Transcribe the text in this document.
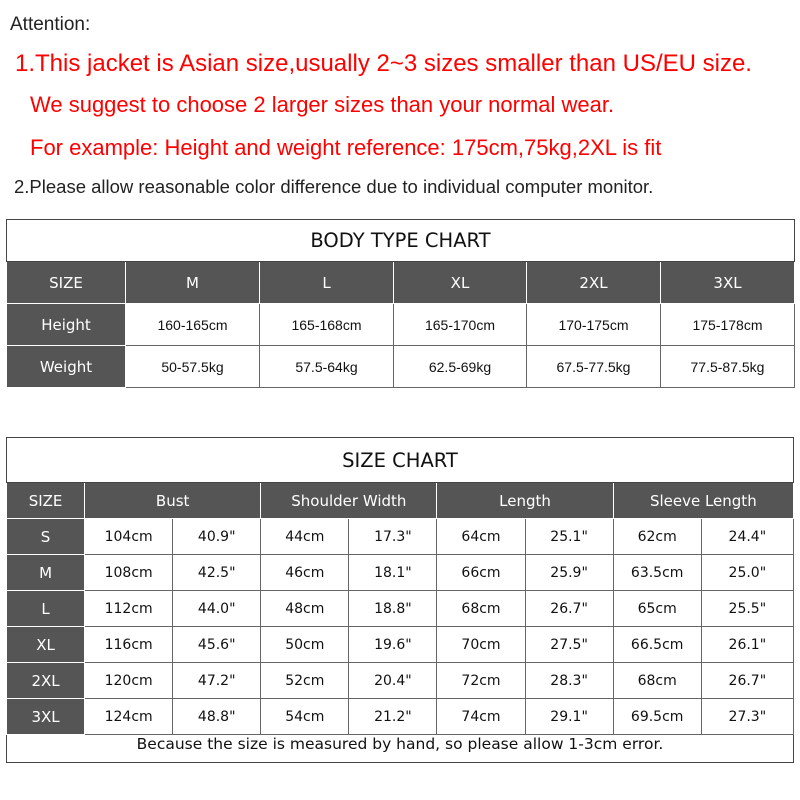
Attention:
1.This jacket is Asian size,usually 2~3 sizes smaller than US/EU size.
We suggest to choose 2 larger sizes than your normal wear.
For example: Height and weight reference: 175cm,75kg,2XL is fit
2.Please allow reasonable color difference due to individual computer monitor.
BODY TYPE CHART					
SIZE	M	L	XL	2XL	3XL
Height	160-165cm	165-168cm	165-170cm	170-175cm	175-178cm
Weight	50-57.5kg	57.5-64kg	62.5-69kg	67.5-77.5kg	77.5-87.5kg
SIZE CHART								
SIZE	Bust		Shoulder Width		Length		Sleeve Length	
S	104cm	40.9"	44cm	17.3"	64cm	25.1"	62cm	24.4"
M	108cm	42.5"	46cm	18.1"	66cm	25.9"	63.5cm	25.0"
L	112cm	44.0"	48cm	18.8"	68cm	26.7"	65cm	25.5"
XL	116cm	45.6"	50cm	19.6"	70cm	27.5"	66.5cm	26.1"
2XL	120cm	47.2"	52cm	20.4"	72cm	28.3"	68cm	26.7"
3XL	124cm	48.8"	54cm	21.2"	74cm	29.1"	69.5cm	27.3"
Because the size is measured by hand, so please allow 1-3cm error.								
